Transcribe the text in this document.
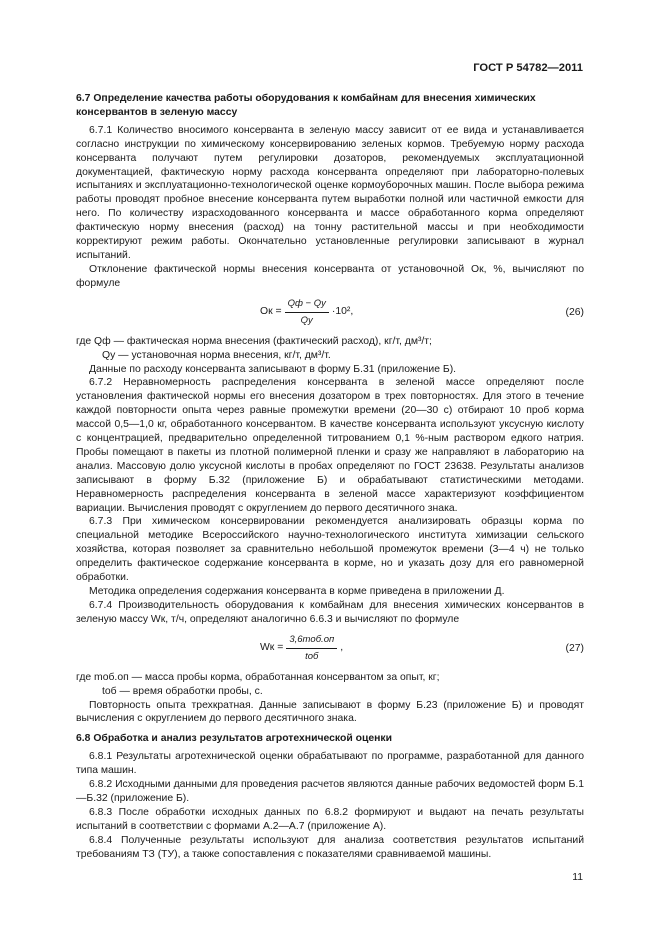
ГОСТ Р 54782—2011
6.7 Определение качества работы оборудования к комбайнам для внесения химических консервантов в зеленую массу

6.7.1 Количество вносимого консерванта в зеленую массу зависит от ее вида и устанавливается согласно инструкции по химическому консервированию зеленых кормов. Требуемую норму расхода консерванта получают путем регулировки дозаторов, рекомендуемых эксплуатационной документацией, фактическую норму расхода консерванта определяют при лабораторно-полевых испытаниях и эксплуатационно-технологической оценке кормоуборочных машин. После выбора режима работы проводят пробное внесение консерванта путем выработки полной или частичной емкости для него. По количеству израсходованного консерванта и массе обработанного корма определяют фактическую норму внесения (расход) на тонну растительной массы и при необходимости корректируют режим работы. Окончательно установленные регулировки записывают в журнал испытаний.

Отклонение фактической нормы внесения консерванта от установочной Oк, %, вычисляют по формуле

Oк = $\frac{Qф - Qу}{Qу} \cdot 10^2$,	(26)

где Qф — фактическая норма внесения (фактический расход), кг/т, дм³/т;

Qу — установочная норма внесения, кг/т, дм³/т.

Данные по расходу консерванта записывают в форму Б.31 (приложение Б).

6.7.2 Неравномерность распределения консерванта в зеленой массе определяют после установления фактической нормы его внесения дозатором в трех повторностях. Для этого в течение каждой повторности опыта через равные промежутки времени (20—30 с) отбирают 10 проб корма массой 0,5—1,0 кг, обработанного консервантом. В качестве консерванта используют уксусную кислоту с концентрацией, предварительно определенной титрованием 0,1 %-ным раствором едкого натрия. Пробы помещают в пакеты из плотной полимерной пленки и сразу же направляют в лабораторию на анализ. Массовую долю уксусной кислоты в пробах определяют по ГОСТ 23638. Результаты анализов записывают в форму Б.32 (приложение Б) и обрабатывают статистическими методами. Неравномерность распределения консерванта в зеленой массе характеризуют коэффициентом вариации. Вычисления проводят с округлением до первого десятичного знака.

6.7.3 При химическом консервировании рекомендуется анализировать образцы корма по специальной методике Всероссийского научно-технологического института химизации сельского хозяйства, которая позволяет за сравнительно небольшой промежуток времени (3—4 ч) не только определить фактическое содержание консерванта в корме, но и указать дозу для его равномерной обработки.

Методика определения содержания консерванта в корме приведена в приложении Д.

6.7.4 Производительность оборудования к комбайнам для внесения химических консервантов в зеленую массу Wк, т/ч, определяют аналогично 6.6.3 и вычисляют по формуле

Wк = $\frac{\text{3,6mоб.оп}}{\text{tоб}}$ ,	(27)

где mоб.оп — масса пробы корма, обработанная консервантом за опыт, кг;

tоб — время обработки пробы, с.

Повторность опыта трехкратная. Данные записывают в форму Б.23 (приложение Б) и проводят вычисления с округлением до первого десятичного знака.

6.8 Обработка и анализ результатов агротехнической оценки

6.8.1 Результаты агротехнической оценки обрабатывают по программе, разработанной для данного типа машин.

6.8.2 Исходными данными для проведения расчетов являются данные рабочих ведомостей форм Б.1—Б.32 (приложение Б).

6.8.3 После обработки исходных данных по 6.8.2 формируют и выдают на печать результаты испытаний в соответствии с формами А.2—А.7 (приложение А).

6.8.4 Полученные результаты используют для анализа соответствия результатов испытаний требованиям ТЗ (ТУ), а также сопоставления с показателями сравниваемой машины.

11
